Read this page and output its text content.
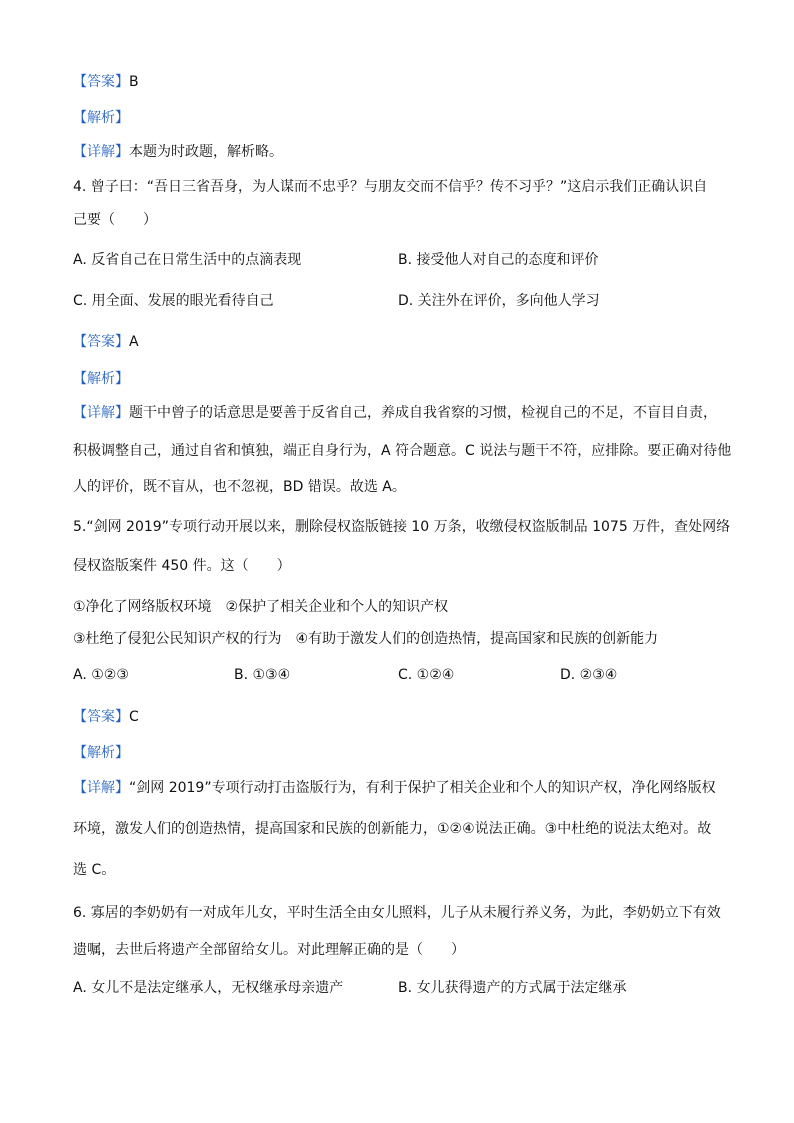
【答案】B
【解析】
【详解】本题为时政题，解析略。
4. 曾子曰：“吾日三省吾身，为人谋而不忠乎？与朋友交而不信乎？传不习乎？”这启示我们正确认识自
己要（　　）
A. 反省自己在日常生活中的点滴表现	B. 接受他人对自己的态度和评价
C. 用全面、发展的眼光看待自己	D. 关注外在评价，多向他人学习
【答案】A
【解析】
【详解】题干中曾子的话意思是要善于反省自己，养成自我省察的习惯，检视自己的不足，不盲目自责，
积极调整自己，通过自省和慎独，端正自身行为，A 符合题意。C 说法与题干不符，应排除。要正确对待他
人的评价，既不盲从，也不忽视，BD 错误。故选 A。
5.“剑网 2019”专项行动开展以来，删除侵权盗版链接 10 万条，收缴侵权盗版制品 1075 万件，查处网络
侵权盗版案件 450 件。这（　　）
①净化了网络版权环境　②保护了相关企业和个人的知识产权
③杜绝了侵犯公民知识产权的行为　④有助于激发人们的创造热情，提高国家和民族的创新能力
A. ①②③	B. ①③④	C. ①②④	D. ②③④
【答案】C
【解析】
【详解】“剑网 2019”专项行动打击盗版行为，有利于保护了相关企业和个人的知识产权，净化网络版权
环境，激发人们的创造热情，提高国家和民族的创新能力，①②④说法正确。③中杜绝的说法太绝对。故
选 C。
6. 寡居的李奶奶有一对成年儿女，平时生活全由女儿照料，儿子从未履行养义务，为此，李奶奶立下有效
遗嘱，去世后将遗产全部留给女儿。对此理解正确的是（　　）
A. 女儿不是法定继承人，无权继承母亲遗产	B. 女儿获得遗产的方式属于法定继承
